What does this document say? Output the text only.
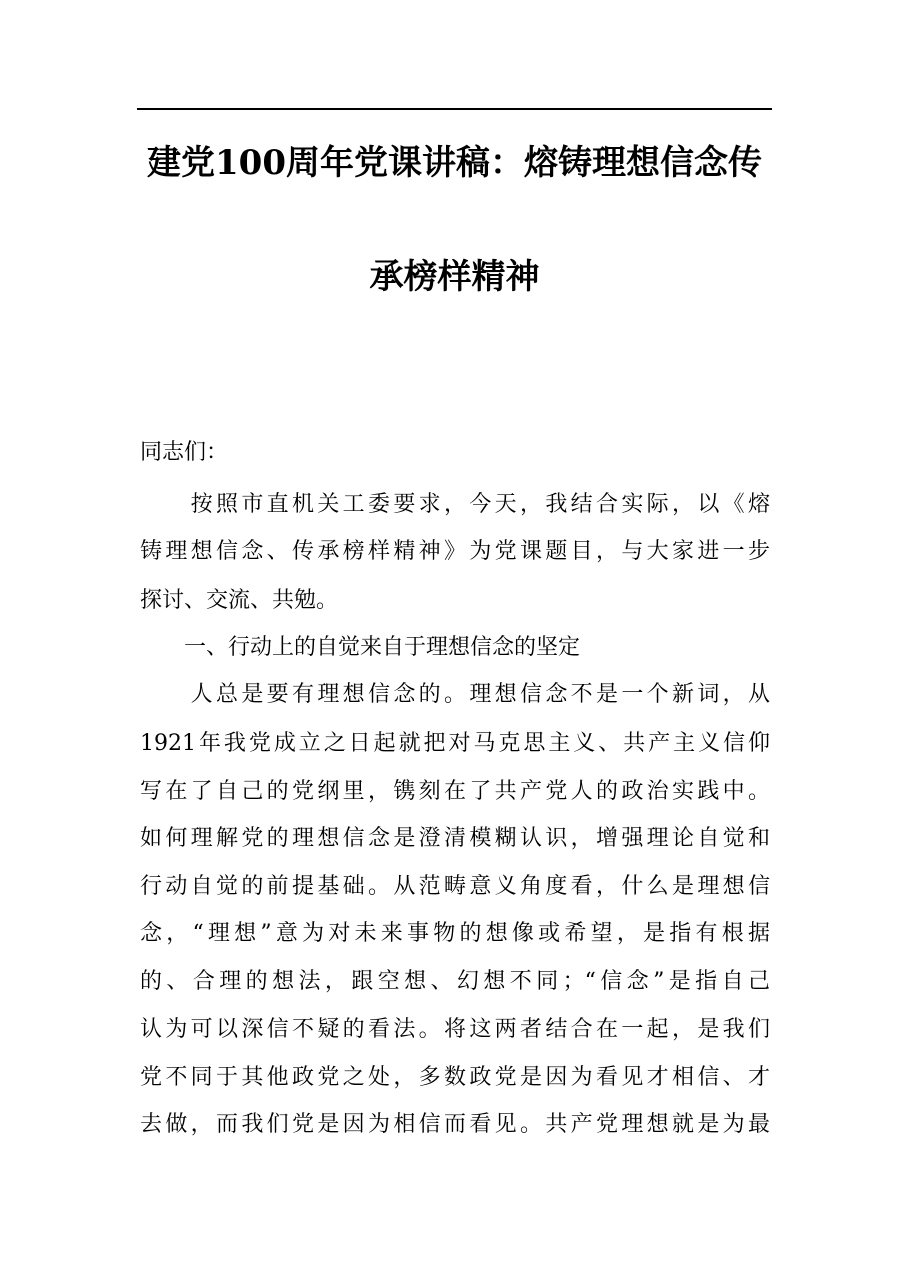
建党100周年党课讲稿：熔铸理想信念传
承榜样精神
同志们：
　　按照市直机关工委要求，今天，我结合实际，以《熔
铸理想信念、传承榜样精神》为党课题目，与大家进一步
探讨、交流、共勉。
　　一、行动上的自觉来自于理想信念的坚定
　　人总是要有理想信念的。理想信念不是一个新词，从
1921年我党成立之日起就把对马克思主义、共产主义信仰
写在了自己的党纲里，镌刻在了共产党人的政治实践中。
如何理解党的理想信念是澄清模糊认识，增强理论自觉和
行动自觉的前提基础。从范畴意义角度看，什么是理想信
念，“理想”意为对未来事物的想像或希望，是指有根据
的、合理的想法，跟空想、幻想不同；“信念”是指自己
认为可以深信不疑的看法。将这两者结合在一起，是我们
党不同于其他政党之处，多数政党是因为看见才相信、才
去做，而我们党是因为相信而看见。共产党理想就是为最
